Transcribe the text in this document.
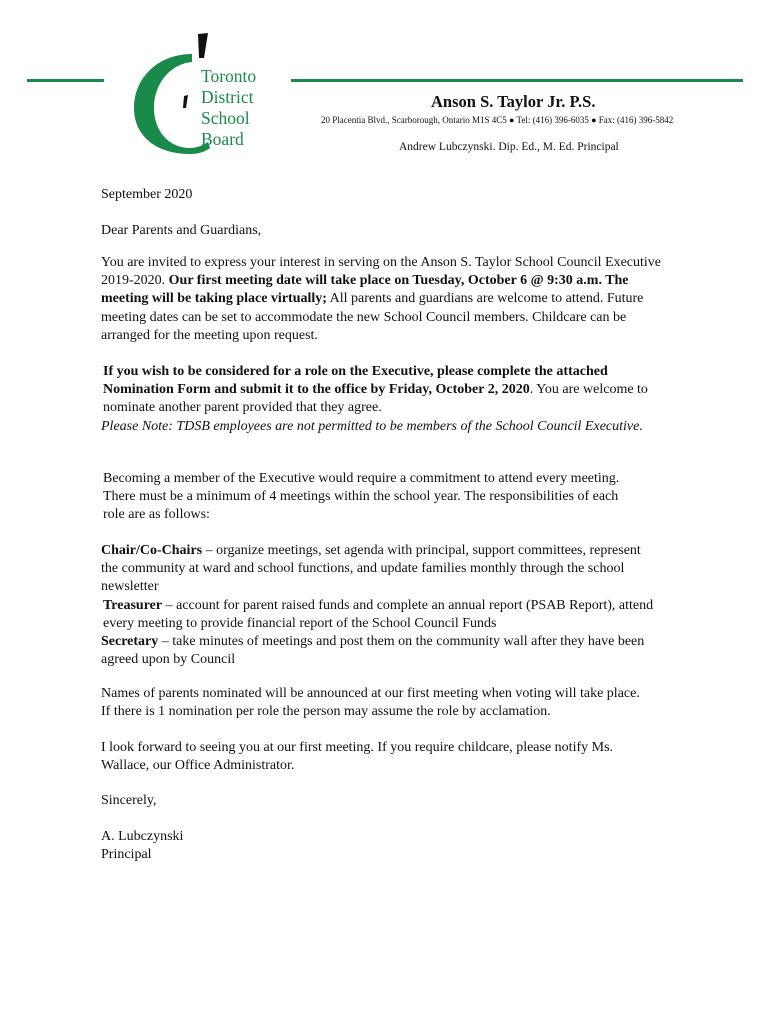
Toronto
District
School
Board
Anson S. Taylor Jr. P.S.
20 Placentia Blvd., Scarborough, Ontario M1S 4C5 ● Tel: (416) 396-6035 ● Fax: (416) 396-5842
Andrew Lubczynski. Dip. Ed., M. Ed. Principal
September 2020
Dear Parents and Guardians,

You are invited to express your interest in serving on the Anson S. Taylor School Council Executive 2019-2020. Our first meeting date will take place on Tuesday, October 6 @ 9:30 a.m. The meeting will be taking place virtually; All parents and guardians are welcome to attend. Future meeting dates can be set to accommodate the new School Council members. Childcare can be arranged for the meeting upon request.

If you wish to be considered for a role on the Executive, please complete the attached Nomination Form and submit it to the office by Friday, October 2, 2020. You are welcome to nominate another parent provided that they agree.

Please Note: TDSB employees are not permitted to be members of the School Council Executive.

Becoming a member of the Executive would require a commitment to attend every meeting. There must be a minimum of 4 meetings within the school year. The responsibilities of each role are as follows:

Chair/Co-Chairs – organize meetings, set agenda with principal, support committees, represent the community at ward and school functions, and update families monthly through the school newsletter

Treasurer – account for parent raised funds and complete an annual report (PSAB Report), attend every meeting to provide financial report of the School Council Funds

Secretary – take minutes of meetings and post them on the community wall after they have been agreed upon by Council

Names of parents nominated will be announced at our first meeting when voting will take place. If there is 1 nomination per role the person may assume the role by acclamation.
I look forward to seeing you at our first meeting. If you require childcare, please notify Ms. Wallace, our Office Administrator.
Sincerely,
A. Lubczynski
Principal
